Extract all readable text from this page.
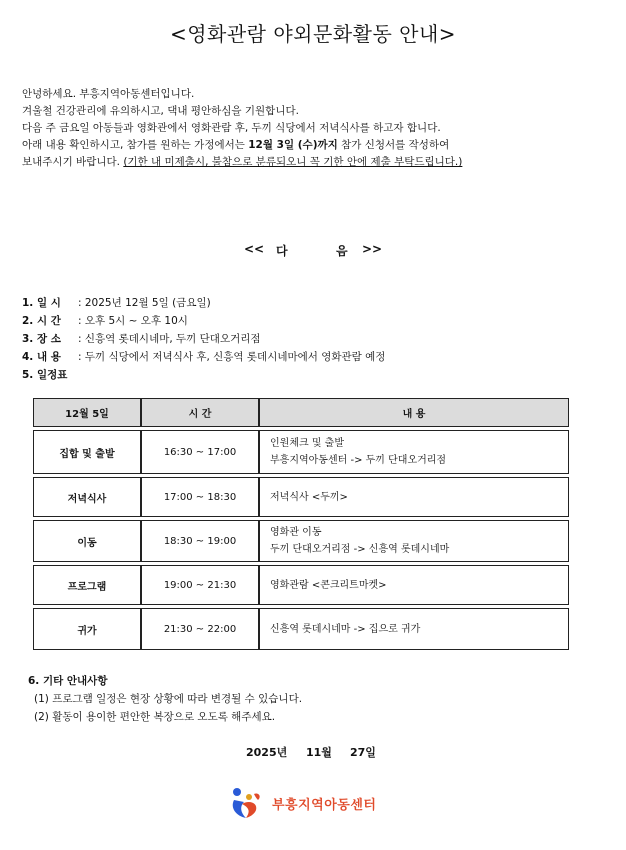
<영화관람 야외문화활동 안내>
안녕하세요. 부흥지역아동센터입니다.
겨울철 건강관리에 유의하시고, 댁내 평안하심을 기원합니다.
다음 주 금요일 아동들과 영화관에서 영화관람 후, 두끼 식당에서 저녁식사를 하고자 합니다.
아래 내용 확인하시고, 참가를 원하는 가정에서는 12월 3일 (수)까지 참가 신청서를 작성하여
보내주시기 바랍니다. (기한 내 미제출시, 불참으로 분류되오니 꼭 기한 안에 제출 부탁드립니다.)
<< 다	음 >>
1. 일 시 : 2025년 12월 5일 (금요일)
2. 시 간 : 오후 5시 ~ 오후 10시
3. 장 소 : 신흥역 롯데시네마, 두끼 단대오거리점
4. 내 용 : 두끼 식당에서 저녁식사 후, 신흥역 롯데시네마에서 영화관람 예정
5. 일정표
12월 5일	시 간	내 용

집합 및 출발	16:30 ~ 17:00	인원체크 및 출발
부흥지역아동센터 -> 두끼 단대오거리점

저녁식사	17:00 ~ 18:30	저녁식사 <두끼>

이동	18:30 ~ 19:00	영화관 이동
두끼 단대오거리점 -> 신흥역 롯데시네마

프로그램	19:00 ~ 21:30	영화관람 <콘크리트마켓>

귀가	21:30 ~ 22:00	신흥역 롯데시네마 -> 집으로 귀가
6. 기타 안내사항
(1) 프로그램 일정은 현장 상황에 따라 변경될 수 있습니다.
(2) 활동이 용이한 편안한 복장으로 오도록 해주세요.
2025년 11월 27일
부흥지역아동센터
